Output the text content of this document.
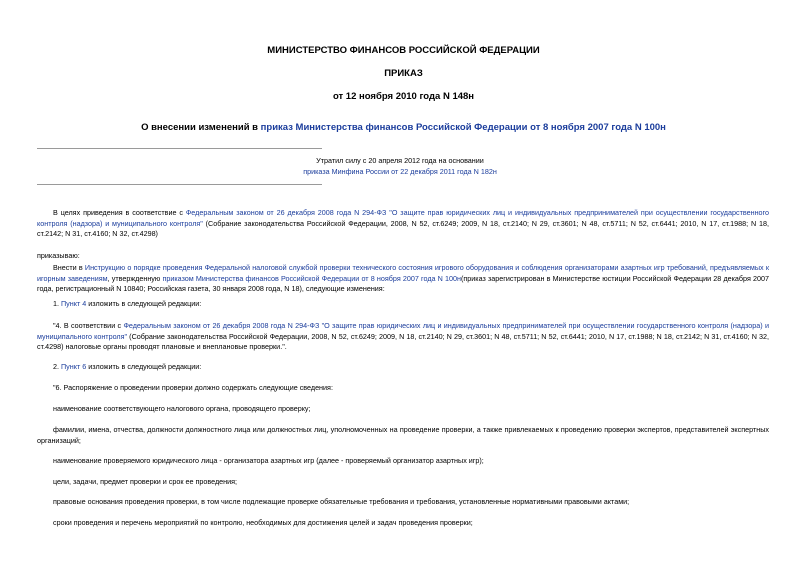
МИНИСТЕРСТВО ФИНАНСОВ РОССИЙСКОЙ ФЕДЕРАЦИИ
ПРИКАЗ
от 12 ноября 2010 года N 148н
О внесении изменений в приказ Министерства финансов Российской Федерации от 8 ноября 2007 года N 100н
Утратил силу с 20 апреля 2012 года на основании
приказа Минфина России от 22 декабря 2011 года N 182н
В целях приведения в соответствие с Федеральным законом от 26 декабря 2008 года N 294-ФЗ "О защите прав юридических лиц и индивидуальных предпринимателей при осуществлении государственного контроля (надзора) и муниципального контроля" (Собрание законодательства Российской Федерации, 2008, N 52, ст.6249; 2009, N 18, ст.2140; N 29, ст.3601; N 48, ст.5711; N 52, ст.6441; 2010, N 17, ст.1988; N 18, ст.2142; N 31, ст.4160; N 32, ст.4298)
приказываю:
Внести в Инструкцию о порядке проведения Федеральной налоговой службой проверки технического состояния игрового оборудования и соблюдения организаторами азартных игр требований, предъявляемых к игорным заведениям, утвержденную приказом Министерства финансов Российской Федерации от 8 ноября 2007 года N 100н(приказ зарегистрирован в Министерстве юстиции Российской Федерации 28 декабря 2007 года, регистрационный N 10840; Российская газета, 30 января 2008 года, N 18), следующие изменения:
1. Пункт 4 изложить в следующей редакции:
"4. В соответствии с Федеральным законом от 26 декабря 2008 года N 294-ФЗ "О защите прав юридических лиц и индивидуальных предпринимателей при осуществлении государственного контроля (надзора) и муниципального контроля" (Собрание законодательства Российской Федерации, 2008, N 52, ст.6249; 2009, N 18, ст.2140; N 29, ст.3601; N 48, ст.5711; N 52, ст.6441; 2010, N 17, ст.1988; N 18, ст.2142; N 31, ст.4160; N 32, ст.4298) налоговые органы проводят плановые и внеплановые проверки.".
2. Пункт 6 изложить в следующей редакции:
"6. Распоряжение о проведении проверки должно содержать следующие сведения:
наименование соответствующего налогового органа, проводящего проверку;
фамилии, имена, отчества, должности должностного лица или должностных лиц, уполномоченных на проведение проверки, а также привлекаемых к проведению проверки экспертов, представителей экспертных организаций;
наименование проверяемого юридического лица - организатора азартных игр (далее - проверяемый организатор азартных игр);
цели, задачи, предмет проверки и срок ее проведения;
правовые основания проведения проверки, в том числе подлежащие проверке обязательные требования и требования, установленные нормативными правовыми актами;
сроки проведения и перечень мероприятий по контролю, необходимых для достижения целей и задач проведения проверки;
